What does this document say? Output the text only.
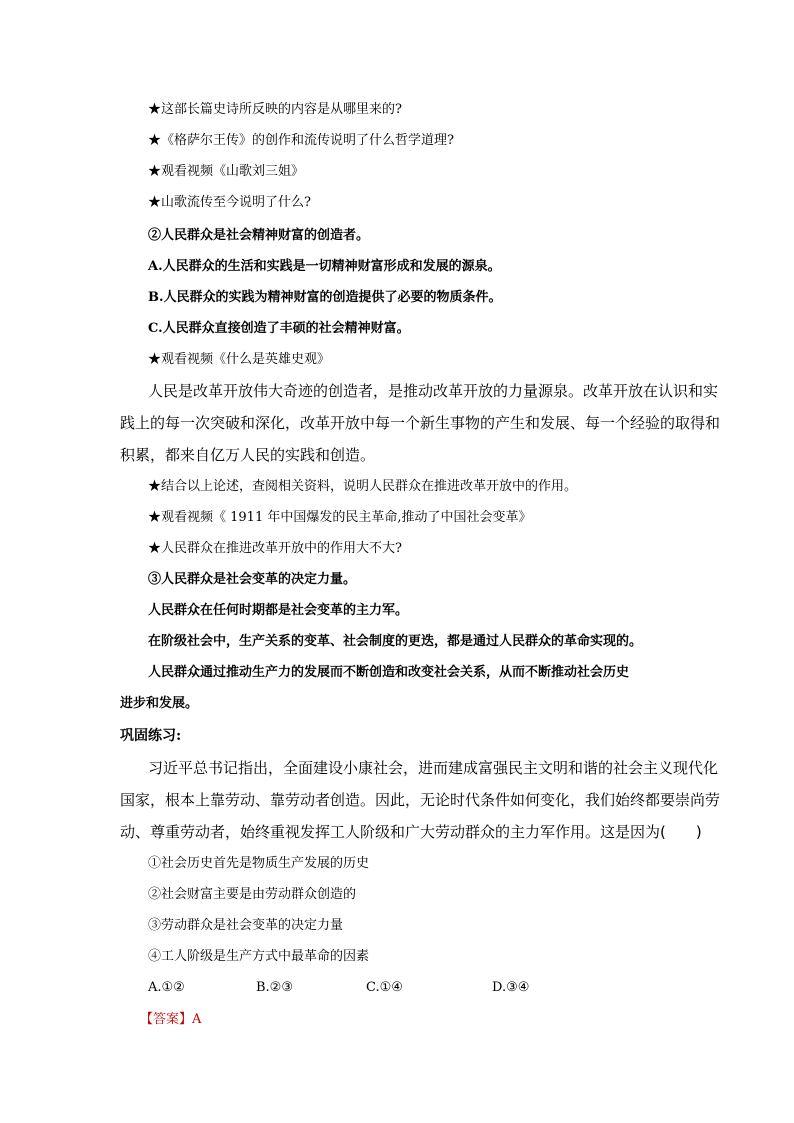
★这部长篇史诗所反映的内容是从哪里来的?
★《格萨尔王传》的创作和流传说明了什么哲学道理?
★观看视频《山歌刘三姐》
★山歌流传至今说明了什么?
②人民群众是社会精神财富的创造者。
A.人民群众的生活和实践是一切精神财富形成和发展的源泉。
B.人民群众的实践为精神财富的创造提供了必要的物质条件。
C.人民群众直接创造了丰硕的社会精神财富。
★观看视频《什么是英雄史观》
人民是改革开放伟大奇迹的创造者，是推动改革开放的力量源泉。改革开放在认识和实
践上的每一次突破和深化，改革开放中每一个新生事物的产生和发展、每一个经验的取得和
积累，都来自亿万人民的实践和创造。
★结合以上论述，查阅相关资料，说明人民群众在推进改革开放中的作用。
★观看视频《 1911 年中国爆发的民主革命,推动了中国社会变革》
★人民群众在推进改革开放中的作用大不大?
③人民群众是社会变革的决定力量。
人民群众在任何时期都是社会变革的主力军。
在阶级社会中，生产关系的变革、社会制度的更迭，都是通过人民群众的革命实现的。
人民群众通过推动生产力的发展而不断创造和改变社会关系，从而不断推动社会历史
进步和发展。
巩固练习:
习近平总书记指出，全面建设小康社会，进而建成富强民主文明和谐的社会主义现代化
国家，根本上靠劳动、靠劳动者创造。因此，无论时代条件如何变化，我们始终都要崇尚劳
动、尊重劳动者，始终重视发挥工人阶级和广大劳动群众的主力军作用。这是因为(　　)
①社会历史首先是物质生产发展的历史
②社会财富主要是由劳动群众创造的
③劳动群众是社会变革的决定力量
④工人阶级是生产方式中最革命的因素
A.①②	B.②③	C.①④	D.③④
【答案】A
